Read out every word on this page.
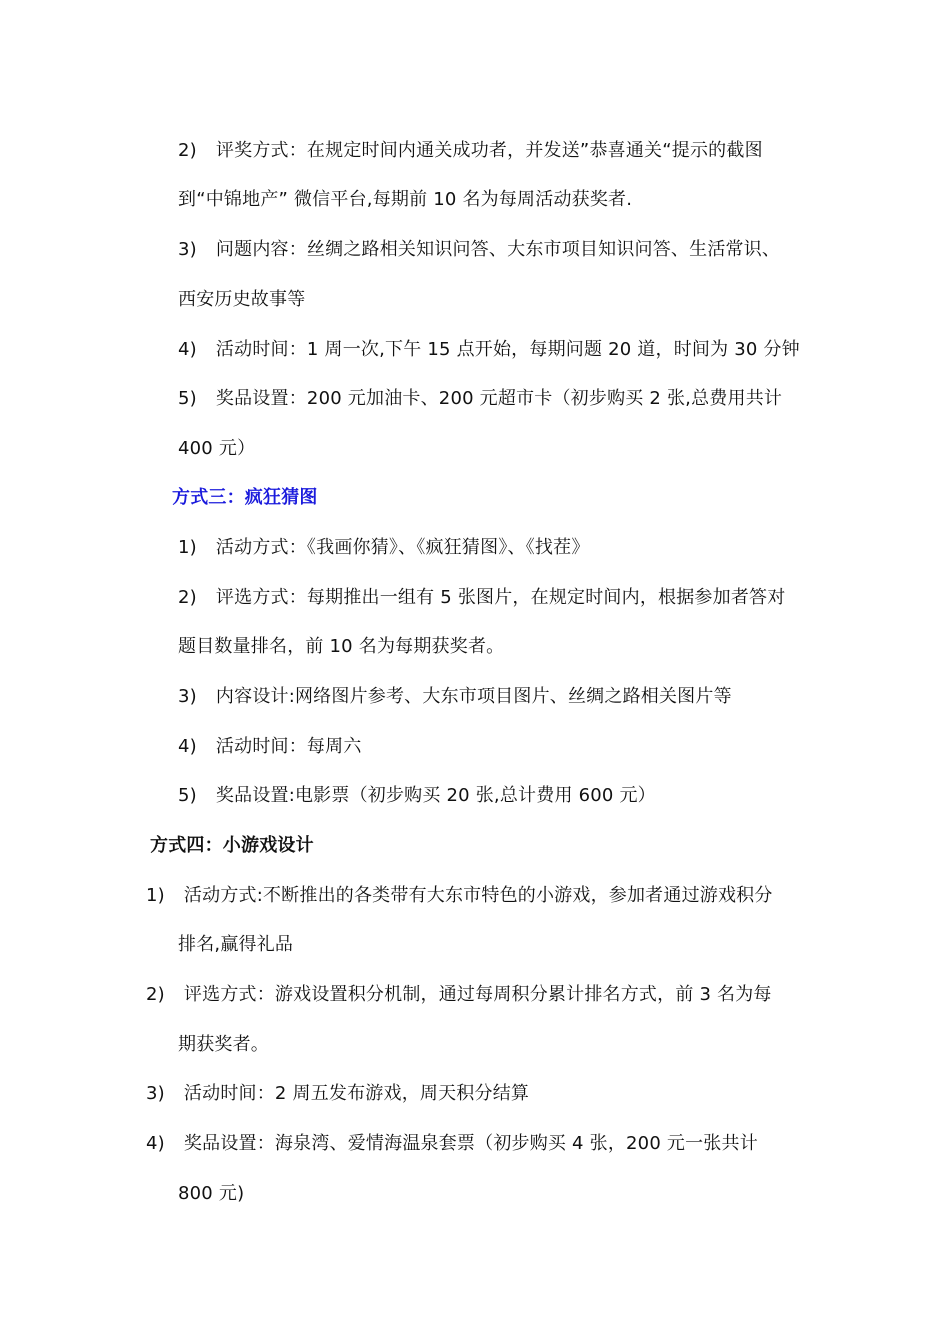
2) 评奖方式：在规定时间内通关成功者，并发送”恭喜通关“提示的截图
到“中锦地产” 微信平台,每期前 10 名为每周活动获奖者.
3) 问题内容：丝绸之路相关知识问答、大东市项目知识问答、生活常识、
西安历史故事等
4) 活动时间：1 周一次,下午 15 点开始，每期问题 20 道，时间为 30 分钟
5) 奖品设置：200 元加油卡、200 元超市卡（初步购买 2 张,总费用共计
400 元）
方式三：疯狂猜图
1) 活动方式：《我画你猜》、《疯狂猜图》、《找茬》
2) 评选方式：每期推出一组有 5 张图片，在规定时间内，根据参加者答对
题目数量排名，前 10 名为每期获奖者。
3) 内容设计:网络图片参考、大东市项目图片、丝绸之路相关图片等
4) 活动时间：每周六
5) 奖品设置:电影票（初步购买 20 张,总计费用 600 元）
方式四：小游戏设计
1) 活动方式:不断推出的各类带有大东市特色的小游戏，参加者通过游戏积分
排名,赢得礼品
2) 评选方式：游戏设置积分机制，通过每周积分累计排名方式，前 3 名为每
期获奖者。
3) 活动时间：2 周五发布游戏，周天积分结算
4) 奖品设置：海泉湾、爱情海温泉套票（初步购买 4 张，200 元一张共计
800 元)
